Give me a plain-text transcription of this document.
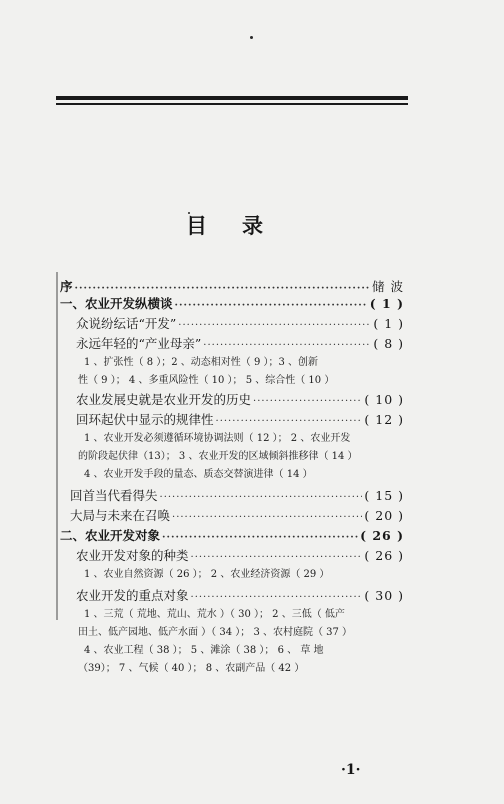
目 录
序 ·····	储 波
一、农业开发纵横谈 ·····	( 1 )
众说纷纭话“开发” ·····	( 1 )
永远年轻的“产业母亲” ·····	( 8 )
1 、扩张性（ 8 ）；2 、动态相对性（ 9 ）；3 、创新
性（ 9 ）； 4 、多重风险性（ 10 ）； 5 、综合性（ 10 ）
农业发展史就是农业开发的历史 ·····	( 10 )
回环起伏中显示的规律性 ·····	( 12 )
1 、农业开发必须遵循环境协调法则（ 12 ）； 2 、农业开发
的阶段起伏律（13）； 3 、农业开发的区域倾斜推移律（ 14 ）
4 、农业开发手段的量态、质态交替演进律（ 14 ）
回首当代看得失 ·····	( 15 )
大局与未来在召唤 ·····	( 20 )
二、农业开发对象 ·····	( 26 )
农业开发对象的种类 ·····	( 26 )
1 、农业自然资源（ 26 ）； 2 、农业经济资源（ 29 ）
农业开发的重点对象 ·····	( 30 )
1 、三荒（ 荒地、荒山、荒水 ）（ 30 ）； 2 、三低（ 低产
田土、低产园地、低产水面 ）（ 34 ）； 3 、农村庭院（ 37 ）
4 、农业工程（ 38 ）； 5 、滩涂（ 38 ）； 6 、 草 地
（39）； 7 、气候（ 40 ）； 8 、农副产品（ 42 ）
·1·
